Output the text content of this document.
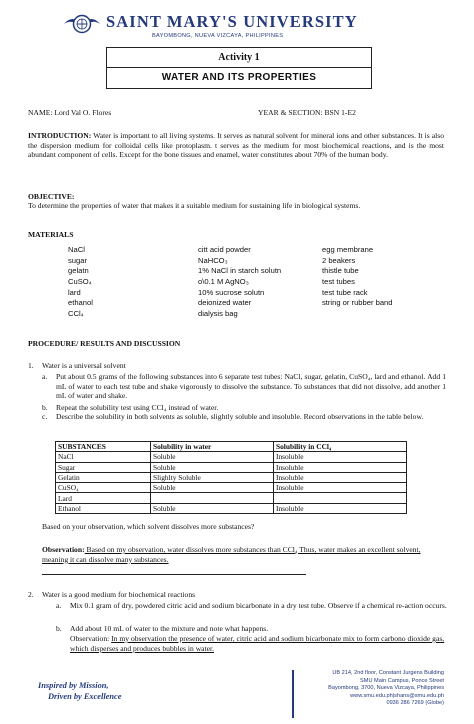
SAINT MARY'S UNIVERSITY
BAYOMBONG, NUEVA VIZCAYA, PHILIPPINES
Activity 1
WATER AND ITS PROPERTIES
NAME: Lord Val O. Flores	YEAR & SECTION: BSN 1-E2
INTRODUCTION: Water is important to all living systems. It serves as natural solvent for mineral ions and other substances. It is also the dispersion medium for colloidal cells like protoplasm. t serves as the medium for most biochemical reactions, and is the most abundant component of cells. Except for the bone tissues and enamel, water constitutes about 70% of the human body.
OBJECTIVE:
To determine the properties of water that makes it a suitable medium for sustaining life in biological systems.
MATERIALS
NaCl	citt acid powder	egg membrane
sugar	NaHCO₃	2 beakers
gelatn	1% NaCl in starch solutn	thistle tube
CuSO₄	o\0.1 M AgNO₃	test tubes
lard	10% sucrose solutn	test tube rack
ethanol	deionized water	string or rubber band
CCl₄	dialysis bag	
PROCEDURE/ RESULTS AND DISCUSSION
1. Water is a universal solvent
a. Put about 0.5 grams of the following substances into 6 separate test tubes: NaCl, sugar, gelatin, CuSO₄, lard and ethanol. Add 1 mL of water to each test tube and shake vigorously to dissolve the substance. To substances that did not dissolve, add another 1 mL of water and shake.
b. Repeat the solubility test using CCl₄ instead of water.
c. Describe the solubility in both solvents as soluble, slightly soluble and insoluble. Record observations in the table below.
SUBSTANCES	Solubility in water	Solubility in CCl₄
NaCl	Soluble	Insoluble
Sugar	Soluble	Insoluble
Gelatin	Slighlty Soluble	Insoluble
CuSO₄	Soluble	Insoluble
Lard		
Ethanol	Soluble	Insoluble
Based on your observation, which solvent dissolves more substances?
Observation: Based on my observation, water dissolves more substances than CCl₄ Thus, water makes an excellent solvent, meaning it can dissolve many substances.
2. Water is a good medium for biochemical reactions
a. Mix 0.1 gram of dry, powdered citric acid and sodium bicarbonate in a dry test tube. Observe if a chemical re-action occurs.
b. Add about 10 mL of water to the mixture and note what happens.
Observation: In my observation the presence of water, citric acid and sodium bicarbonate mix to form carbono dioxide gas, which disperses and produces bubbles in water.
Inspired by Mission,
Driven by Excellence
UB 214, 2nd floor, Constant Jurgens Building
SMU Main Campus, Ponce Street
Bayombong, 3700, Nueva Vizcaya, Philippines
www.smu.edu.ph|shans@smu.edu.ph
0936 286 7269 (Globe)
